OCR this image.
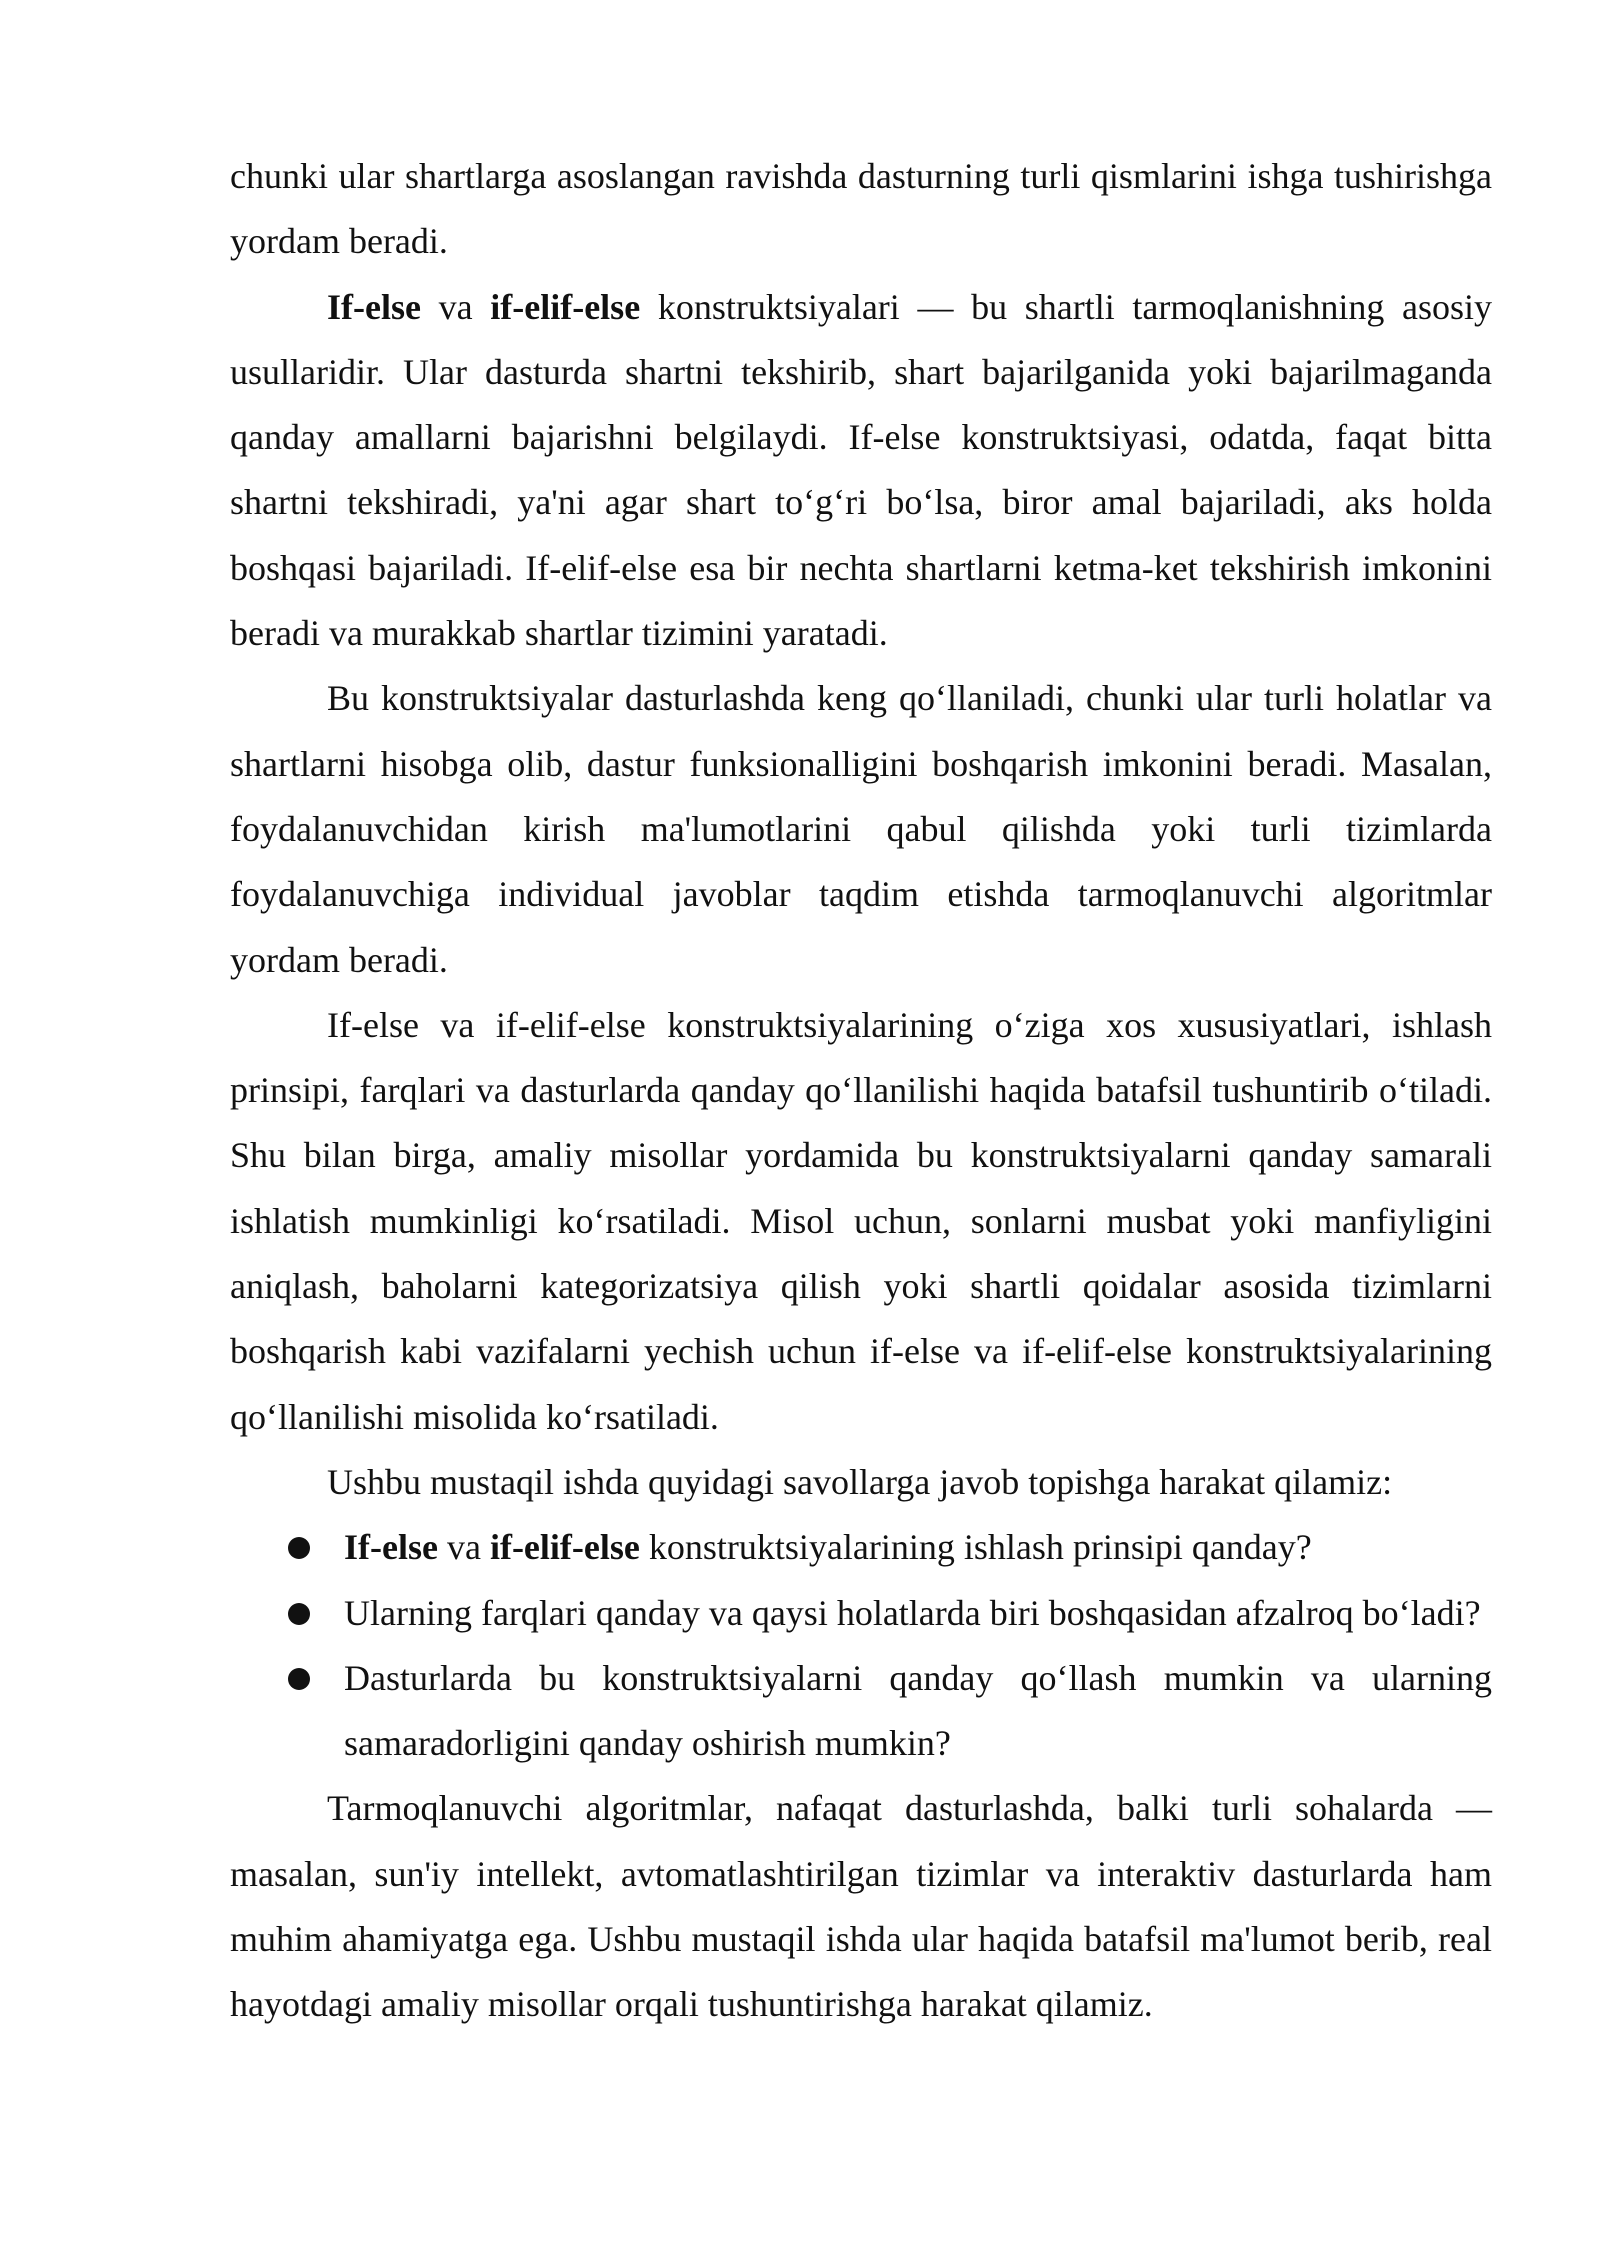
chunki ular shartlarga asoslangan ravishda dasturning turli qismlarini ishga tushirishga yordam beradi.

If-else va if-elif-else konstruktsiyalari — bu shartli tarmoqlanishning asosiy usullaridir. Ular dasturda shartni tekshirib, shart bajarilganida yoki bajarilmaganda qanday amallarni bajarishni belgilaydi. If-else konstruktsiyasi, odatda, faqat bitta shartni tekshiradi, ya'ni agar shart to‘g‘ri bo‘lsa, biror amal bajariladi, aks holda boshqasi bajariladi. If-elif-else esa bir nechta shartlarni ketma-ket tekshirish imkonini beradi va murakkab shartlar tizimini yaratadi.

Bu konstruktsiyalar dasturlashda keng qo‘llaniladi, chunki ular turli holatlar va shartlarni hisobga olib, dastur funksionalligini boshqarish imkonini beradi. Masalan, foydalanuvchidan kirish ma'lumotlarini qabul qilishda yoki turli tizimlarda foydalanuvchiga individual javoblar taqdim etishda tarmoqlanuvchi algoritmlar yordam beradi.

If-else va if-elif-else konstruktsiyalarining o‘ziga xos xususiyatlari, ishlash prinsipi, farqlari va dasturlarda qanday qo‘llanilishi haqida batafsil tushuntirib o‘tiladi. Shu bilan birga, amaliy misollar yordamida bu konstruktsiyalarni qanday samarali ishlatish mumkinligi ko‘rsatiladi. Misol uchun, sonlarni musbat yoki manfiyligini aniqlash, baholarni kategorizatsiya qilish yoki shartli qoidalar asosida tizimlarni boshqarish kabi vazifalarni yechish uchun if-else va if-elif-else konstruktsiyalarining qo‘llanilishi misolida ko‘rsatiladi.

Ushbu mustaqil ishda quyidagi savollarga javob topishga harakat qilamiz:

If-else va if-elif-else konstruktsiyalarining ishlash prinsipi qanday?
Ularning farqlari qanday va qaysi holatlarda biri boshqasidan afzalroq bo‘ladi?
Dasturlarda bu konstruktsiyalarni qanday qo‘llash mumkin va ularning samaradorligini qanday oshirish mumkin?

Tarmoqlanuvchi algoritmlar, nafaqat dasturlashda, balki turli sohalarda — masalan, sun'iy intellekt, avtomatlashtirilgan tizimlar va interaktiv dasturlarda ham muhim ahamiyatga ega. Ushbu mustaqil ishda ular haqida batafsil ma'lumot berib, real hayotdagi amaliy misollar orqali tushuntirishga harakat qilamiz.
